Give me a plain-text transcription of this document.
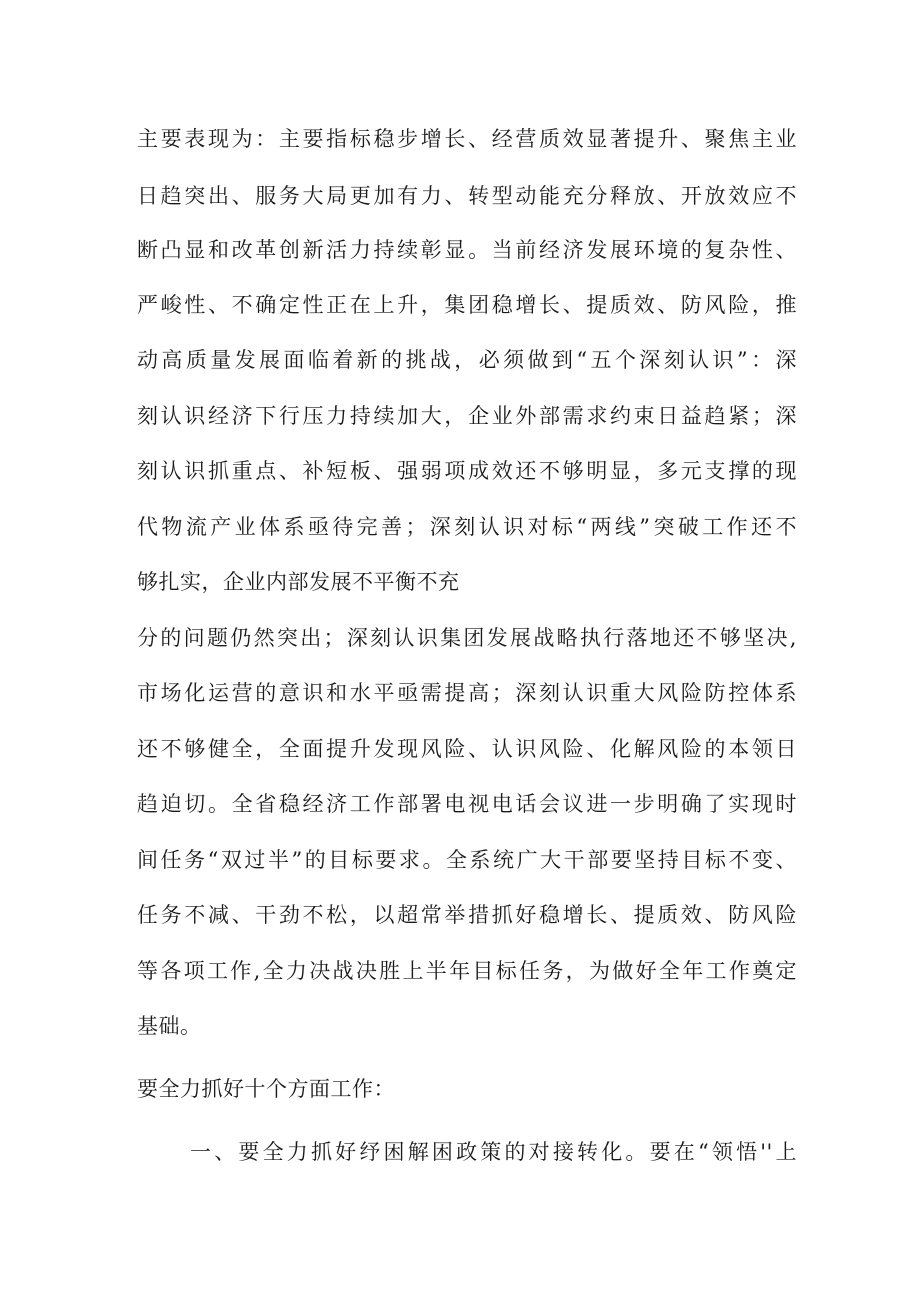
主要表现为：主要指标稳步增长、经营质效显著提升、聚焦主业
日趋突出、服务大局更加有力、转型动能充分释放、开放效应不
断凸显和改革创新活力持续彰显。当前经济发展环境的复杂性、
严峻性、不确定性正在上升，集团稳增长、提质效、防风险，推
动高质量发展面临着新的挑战，必须做到“五个深刻认识”：深
刻认识经济下行压力持续加大，企业外部需求约束日益趋紧；深
刻认识抓重点、补短板、强弱项成效还不够明显，多元支撑的现
代物流产业体系亟待完善；深刻认识对标“两线”突破工作还不
够扎实，企业内部发展不平衡不充
分的问题仍然突出；深刻认识集团发展战略执行落地还不够坚决,
市场化运营的意识和水平亟需提高；深刻认识重大风险防控体系
还不够健全，全面提升发现风险、认识风险、化解风险的本领日
趋迫切。全省稳经济工作部署电视电话会议进一步明确了实现时
间任务“双过半”的目标要求。全系统广大干部要坚持目标不变、
任务不减、干劲不松，以超常举措抓好稳增长、提质效、防风险
等各项工作,全力决战决胜上半年目标任务，为做好全年工作奠定
基础。
要全力抓好十个方面工作：
一、要全力抓好纾困解困政策的对接转化。要在“领悟''上
